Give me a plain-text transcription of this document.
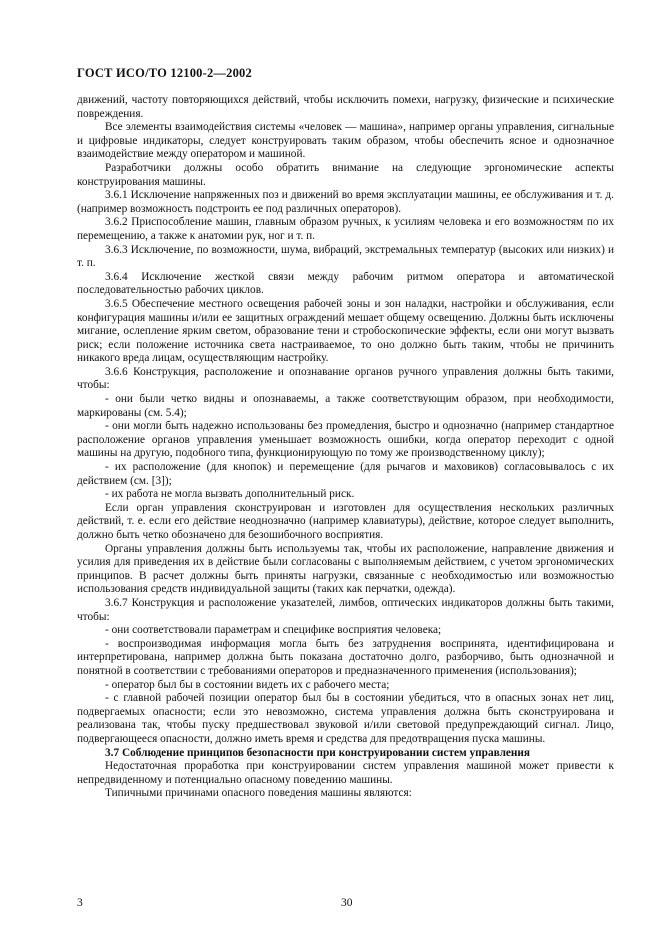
ГОСТ ИСО/ТО 12100-2—2002

движений, частоту повторяющихся действий, чтобы исключить помехи, нагрузку, физические и психические повреждения.

Все элементы взаимодействия системы «человек — машина», например органы управления, сигнальные и цифровые индикаторы, следует конструировать таким образом, чтобы обеспечить ясное и однозначное взаимодействие между оператором и машиной.

Разработчики должны особо обратить внимание на следующие эргономические аспекты конструирования машины.

3.6.1 Исключение напряженных поз и движений во время эксплуатации машины, ее обслуживания и т. д. (например возможность подстроить ее под различных операторов).

3.6.2 Приспособление машин, главным образом ручных, к усилиям человека и его возможностям по их перемещению, а также к анатомии рук, ног и т. п.

3.6.3 Исключение, по возможности, шума, вибраций, экстремальных температур (высоких или низких) и т. п.

3.6.4 Исключение жесткой связи между рабочим ритмом оператора и автоматической последовательностью рабочих циклов.

3.6.5 Обеспечение местного освещения рабочей зоны и зон наладки, настройки и обслуживания, если конфигурация машины и/или ее защитных ограждений мешает общему освещению. Должны быть исключены мигание, ослепление ярким светом, образование тени и стробоскопические эффекты, если они могут вызвать риск; если положение источника света настраиваемое, то оно должно быть таким, чтобы не причинить никакого вреда лицам, осуществляющим настройку.

3.6.6 Конструкция, расположение и опознавание органов ручного управления должны быть такими, чтобы:

- они были четко видны и опознаваемы, а также соответствующим образом, при необходимости, маркированы (см. 5.4);

- они могли быть надежно использованы без промедления, быстро и однозначно (например стандартное расположение органов управления уменьшает возможность ошибки, когда оператор переходит с одной машины на другую, подобного типа, функционирующую по тому же производственному циклу);

- их расположение (для кнопок) и перемещение (для рычагов и маховиков) согласовывалось с их действием (см. [3]);

- их работа не могла вызвать дополнительный риск.

Если орган управления сконструирован и изготовлен для осуществления нескольких различных действий, т. е. если его действие неоднозначно (например клавиатуры), действие, которое следует выполнить, должно быть четко обозначено для безошибочного восприятия.

Органы управления должны быть используемы так, чтобы их расположение, направление движения и усилия для приведения их в действие были согласованы с выполняемым действием, с учетом эргономических принципов. В расчет должны быть приняты нагрузки, связанные с необходимостью или возможностью использования средств индивидуальной защиты (таких как перчатки, одежда).

3.6.7 Конструкция и расположение указателей, лимбов, оптических индикаторов должны быть такими, чтобы:

- они соответствовали параметрам и специфике восприятия человека;

- воспроизводимая информация могла быть без затруднения воспринята, идентифицирована и интерпретирована, например должна быть показана достаточно долго, разборчиво, быть однозначной и понятной в соответствии с требованиями операторов и предназначенного применения (использования);

- оператор был бы в состоянии видеть их с рабочего места;

- с главной рабочей позиции оператор был бы в состоянии убедиться, что в опасных зонах нет лиц, подвергаемых опасности; если это невозможно, система управления должна быть сконструирована и реализована так, чтобы пуску предшествовал звуковой и/или световой предупреждающий сигнал. Лицо, подвергающееся опасности, должно иметь время и средства для предотвращения пуска машины.

3.7 Соблюдение принципов безопасности при конструировании систем управления

Недостаточная проработка при конструировании систем управления машиной может привести к непредвиденному и потенциально опасному поведению машины.

Типичными причинами опасного поведения машины являются:

3	30
